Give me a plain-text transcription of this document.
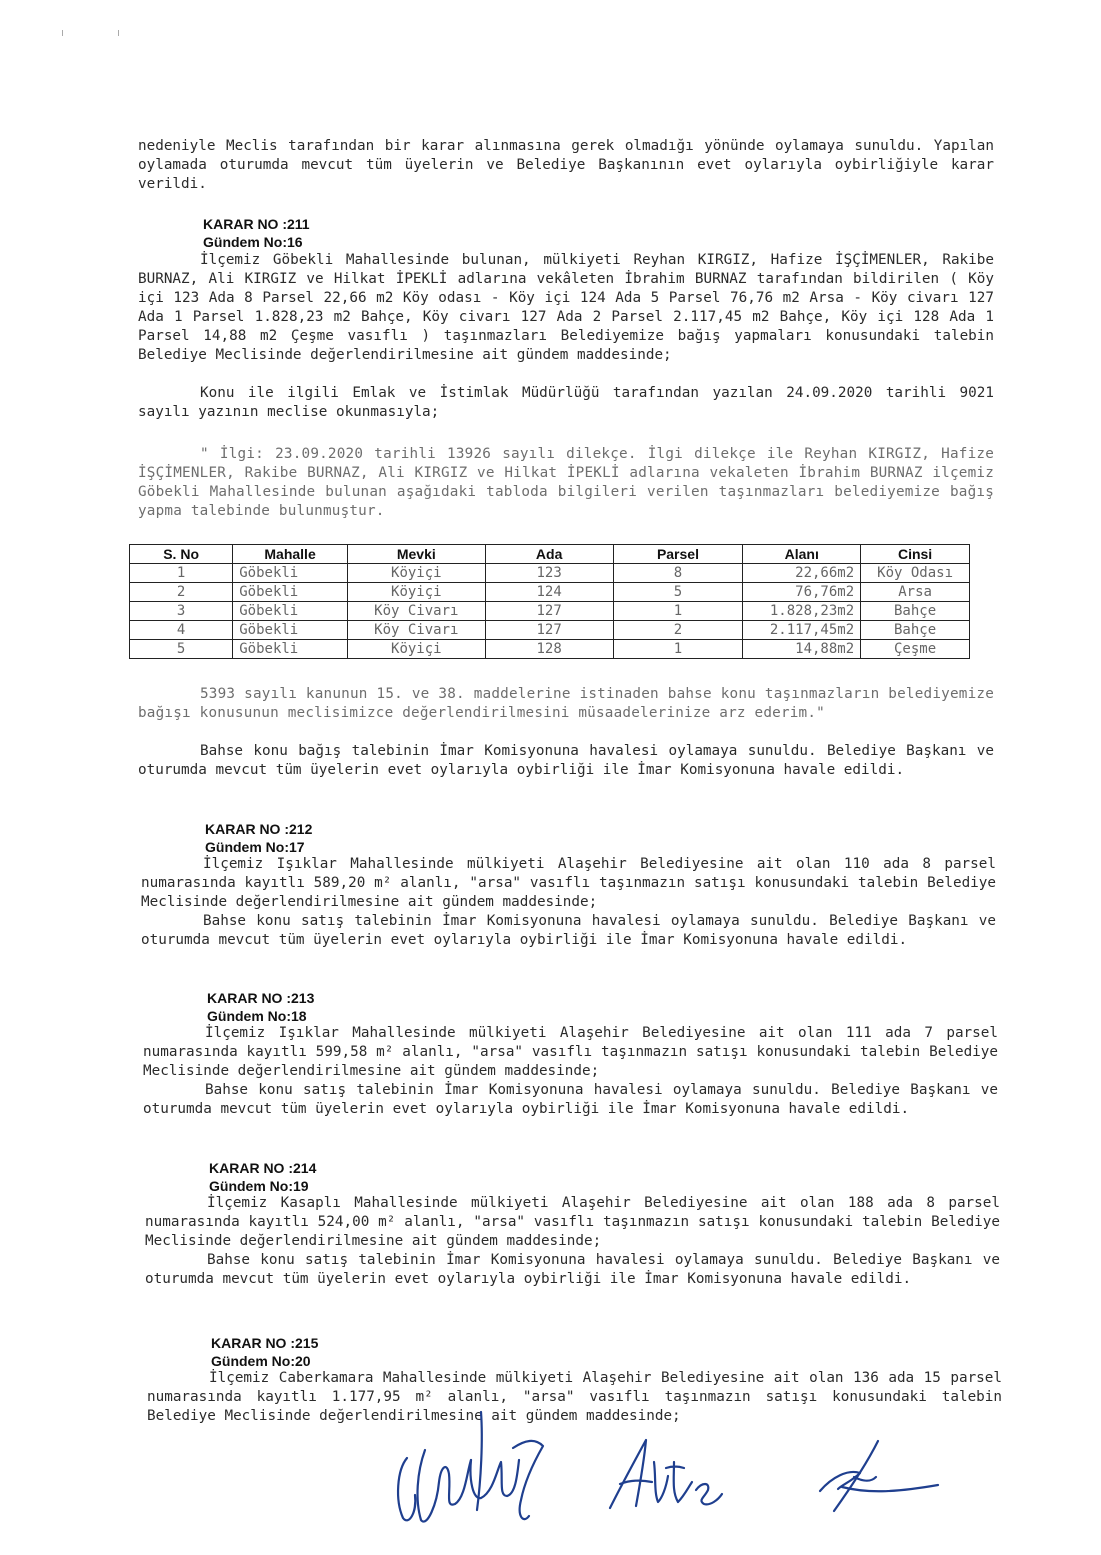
nedeniyle Meclis tarafından bir karar alınmasına gerek olmadığı yönünde oylamaya sunuldu. Yapılan oylamada oturumda mevcut tüm üyelerin ve Belediye Başkanının evet oylarıyla oybirliğiyle karar verildi.

KARAR NO :211

Gündem No:16

İlçemiz Göbekli Mahallesinde bulunan, mülkiyeti Reyhan KIRGIZ, Hafize İŞÇİMENLER, Rakibe BURNAZ, Ali KIRGIZ ve Hilkat İPEKLİ adlarına vekâleten İbrahim BURNAZ tarafından bildirilen ( Köy içi 123 Ada 8 Parsel 22,66 m2 Köy odası - Köy içi 124 Ada 5 Parsel 76,76 m2 Arsa - Köy civarı 127 Ada 1 Parsel 1.828,23 m2 Bahçe, Köy civarı 127 Ada 2 Parsel 2.117,45 m2 Bahçe, Köy içi 128 Ada 1 Parsel 14,88 m2 Çeşme vasıflı ) taşınmazları Belediyemize bağış yapmaları konusundaki talebin Belediye Meclisinde değerlendirilmesine ait gündem maddesinde;

Konu ile ilgili Emlak ve İstimlak Müdürlüğü tarafından yazılan 24.09.2020 tarihli 9021 sayılı yazının meclise okunmasıyla;

" İlgi: 23.09.2020 tarihli 13926 sayılı dilekçe. İlgi dilekçe ile Reyhan KIRGIZ, Hafize İŞÇİMENLER, Rakibe BURNAZ, Ali KIRGIZ ve Hilkat İPEKLİ adlarına vekaleten İbrahim BURNAZ ilçemiz Göbekli Mahallesinde bulunan aşağıdaki tabloda bilgileri verilen taşınmazları belediyemize bağış yapma talebinde bulunmuştur.

S. No	Mahalle	Mevki	Ada	Parsel	Alanı	Cinsi
1	Göbekli	Köyiçi	123	8	22,66m2	Köy Odası
2	Göbekli	Köyiçi	124	5	76,76m2	Arsa
3	Göbekli	Köy Civarı	127	1	1.828,23m2	Bahçe
4	Göbekli	Köy Civarı	127	2	2.117,45m2	Bahçe
5	Göbekli	Köyiçi	128	1	14,88m2	Çeşme

5393 sayılı kanunun 15. ve 38. maddelerine istinaden bahse konu taşınmazların belediyemize bağışı konusunun meclisimizce değerlendirilmesini müsaadelerinize arz ederim."

Bahse konu bağış talebinin İmar Komisyonuna havalesi oylamaya sunuldu. Belediye Başkanı ve oturumda mevcut tüm üyelerin evet oylarıyla oybirliği ile İmar Komisyonuna havale edildi.

KARAR NO :212

Gündem No:17

İlçemiz Işıklar Mahallesinde mülkiyeti Alaşehir Belediyesine ait olan 110 ada 8 parsel numarasında kayıtlı 589,20 m² alanlı, "arsa" vasıflı taşınmazın satışı konusundaki talebin Belediye Meclisinde değerlendirilmesine ait gündem maddesinde;

Bahse konu satış talebinin İmar Komisyonuna havalesi oylamaya sunuldu. Belediye Başkanı ve oturumda mevcut tüm üyelerin evet oylarıyla oybirliği ile İmar Komisyonuna havale edildi.

KARAR NO :213

Gündem No:18

İlçemiz Işıklar Mahallesinde mülkiyeti Alaşehir Belediyesine ait olan 111 ada 7 parsel numarasında kayıtlı 599,58 m² alanlı, "arsa" vasıflı taşınmazın satışı konusundaki talebin Belediye Meclisinde değerlendirilmesine ait gündem maddesinde;

Bahse konu satış talebinin İmar Komisyonuna havalesi oylamaya sunuldu. Belediye Başkanı ve oturumda mevcut tüm üyelerin evet oylarıyla oybirliği ile İmar Komisyonuna havale edildi.

KARAR NO :214

Gündem No:19

İlçemiz Kasaplı Mahallesinde mülkiyeti Alaşehir Belediyesine ait olan 188 ada 8 parsel numarasında kayıtlı 524,00 m² alanlı, "arsa" vasıflı taşınmazın satışı konusundaki talebin Belediye Meclisinde değerlendirilmesine ait gündem maddesinde;

Bahse konu satış talebinin İmar Komisyonuna havalesi oylamaya sunuldu. Belediye Başkanı ve oturumda mevcut tüm üyelerin evet oylarıyla oybirliği ile İmar Komisyonuna havale edildi.

KARAR NO :215

Gündem No:20

İlçemiz Caberkamara Mahallesinde mülkiyeti Alaşehir Belediyesine ait olan 136 ada 15 parsel numarasında kayıtlı 1.177,95 m² alanlı, "arsa" vasıflı taşınmazın satışı konusundaki talebin Belediye Meclisinde değerlendirilmesine ait gündem maddesinde;
